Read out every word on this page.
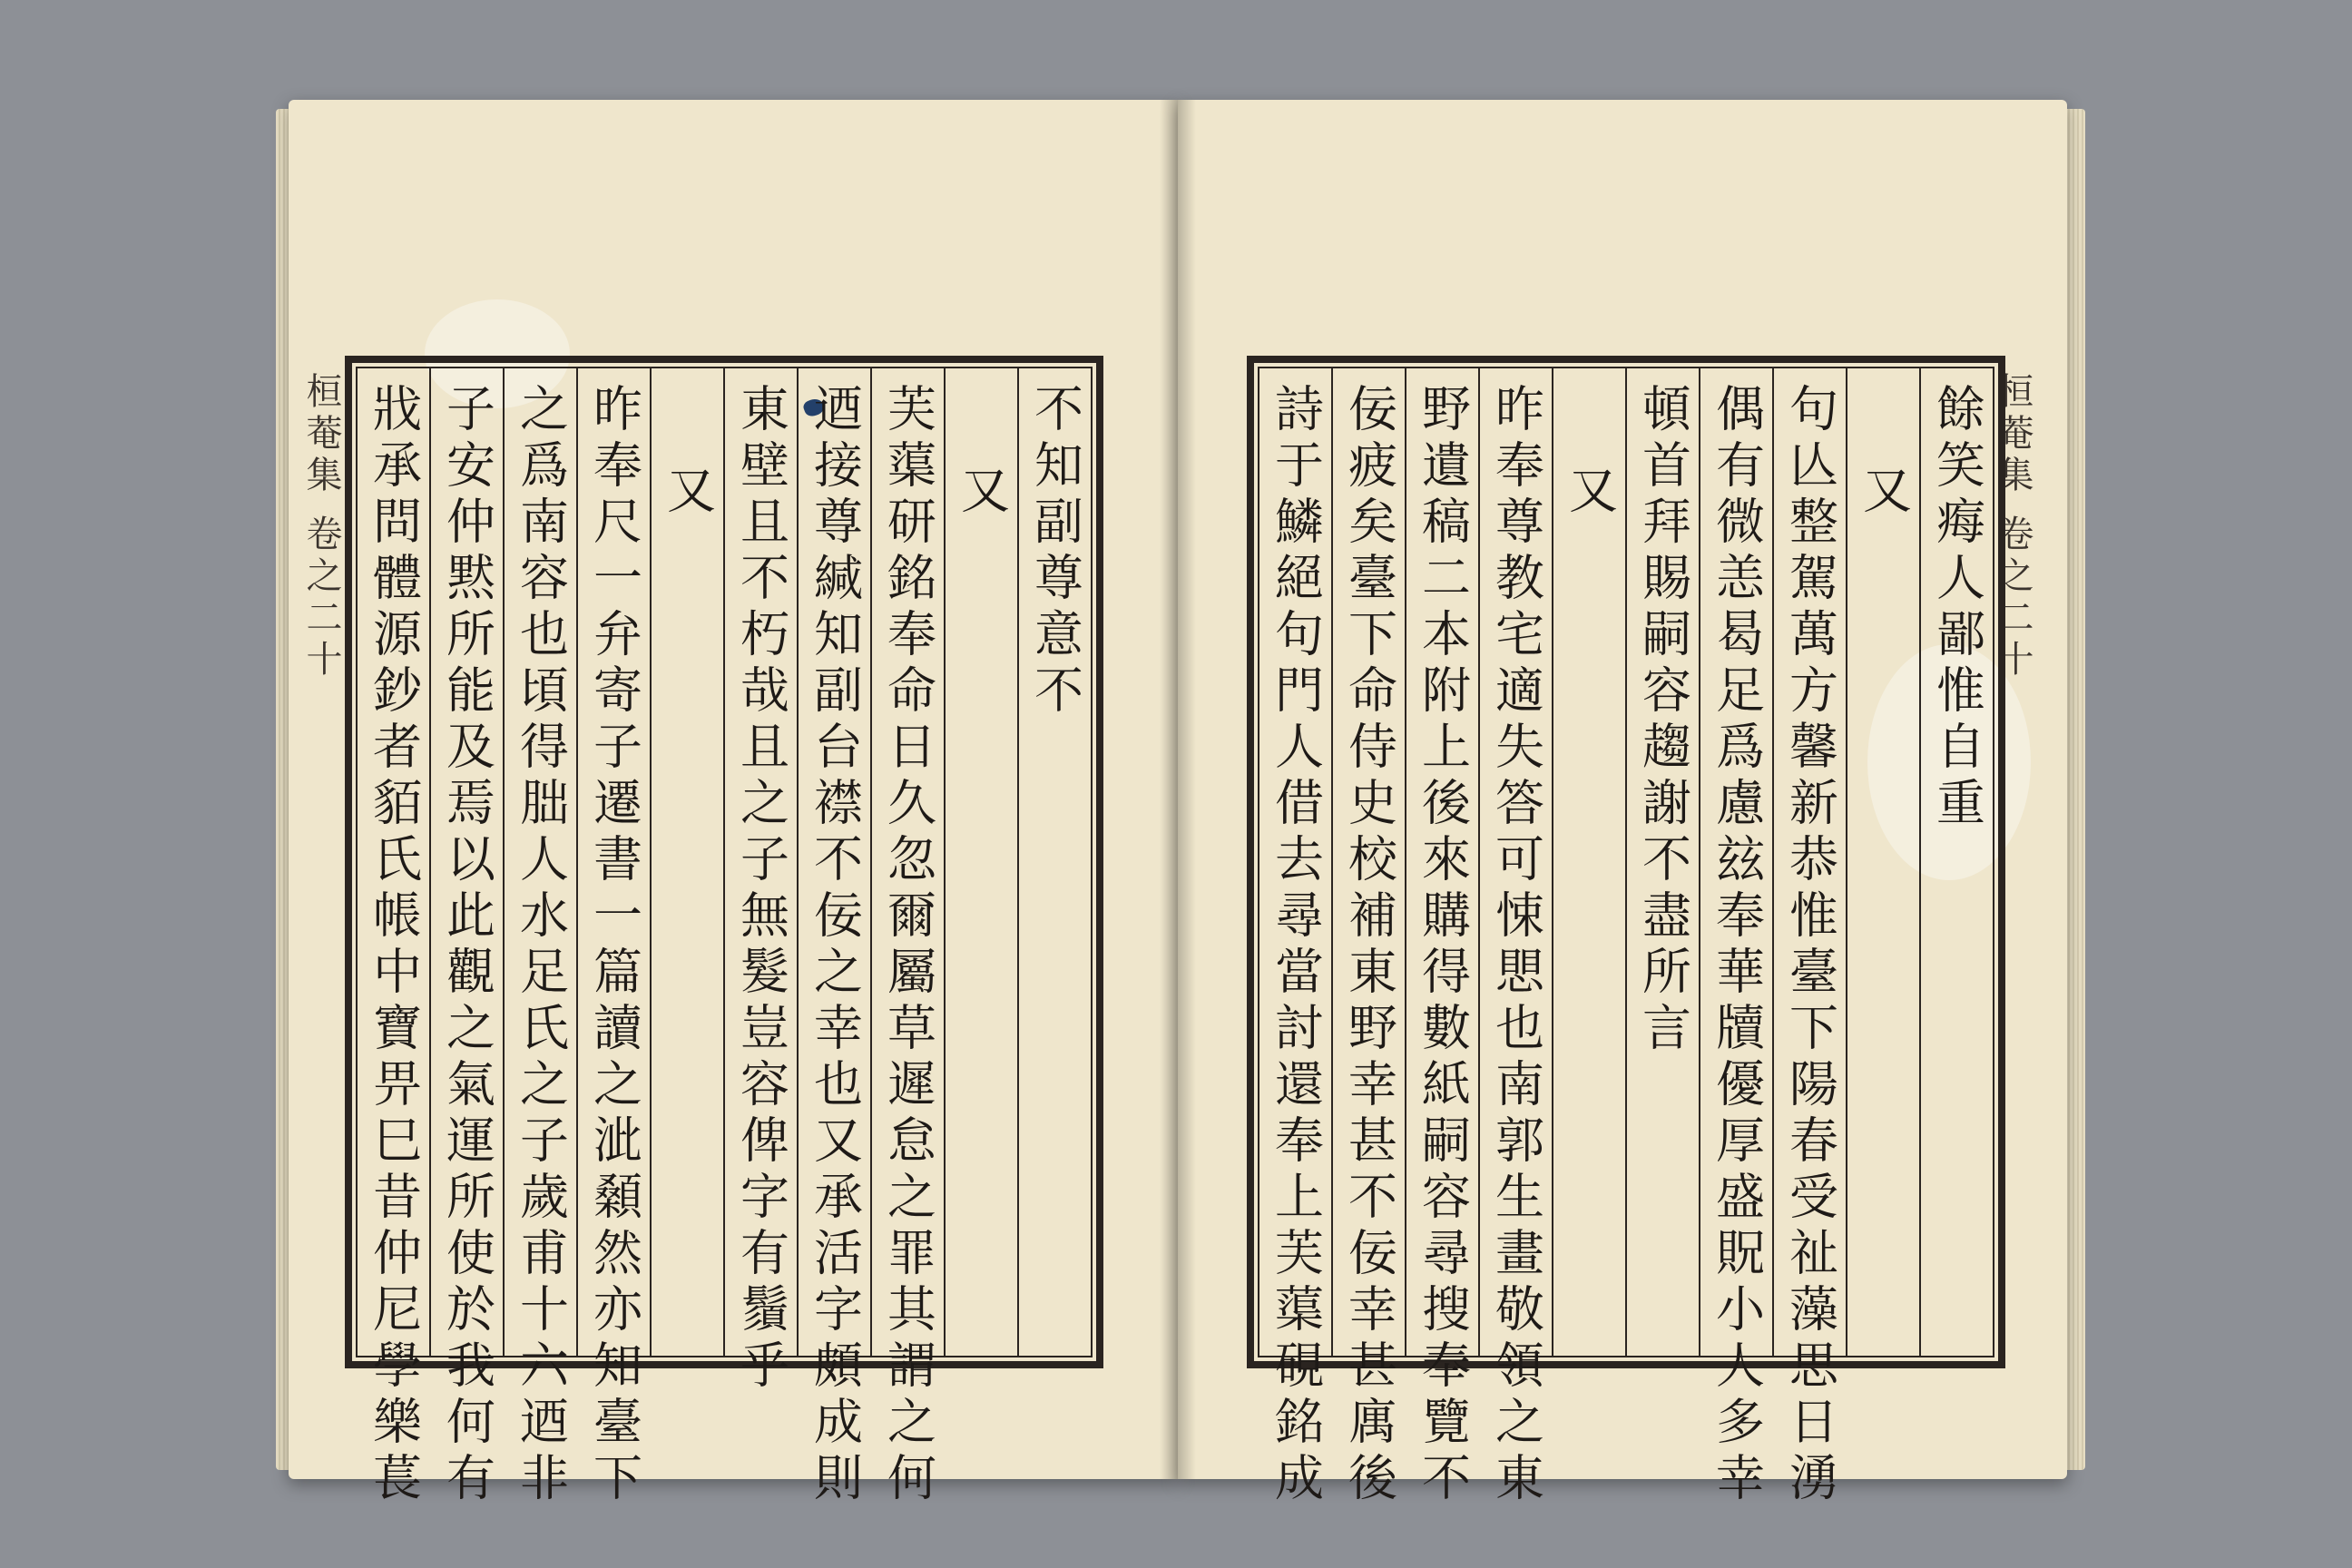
桓菴集 卷之二十	不知副尊意不
又
芙蕖研銘奉命日久忽爾屬草遲怠之罪其謂之何
迺接尊緘知副台襟不佞之幸也又承活字頗成則
東壁且不朽哉且之子無髮豈容俾字有鬚乎
又
昨奉尺一弁寄子遷書一篇讀之泚顙然亦知臺下
之爲南容也頃得朏人水足氏之子歲甫十六迺非
子安仲黙所能及焉以此觀之氣運所使於我何有
戕承問體源鈔者貊氏帳中寶畀巳昔仲尼學樂萇	桓菴集 卷之二十
餘笑痗人鄙惟自重
又
句亾整駕萬方馨新恭惟臺下陽春受祉藻思日湧
偶有微恙曷足爲慮玆奉華牘優厚盛貺小人多幸
頓首拜賜嗣容趨謝不盡所言
又
昨奉尊教宅適失答可悚愳也南郭生畫敬領之東
野遺稿二本附上後來購得數紙嗣容尋搜奉覽不
佞疲矣臺下命侍史校補東野幸甚不佞幸甚庽後
詩于鱗絕句門人借去尋當討還奉上芙蕖硯銘成
